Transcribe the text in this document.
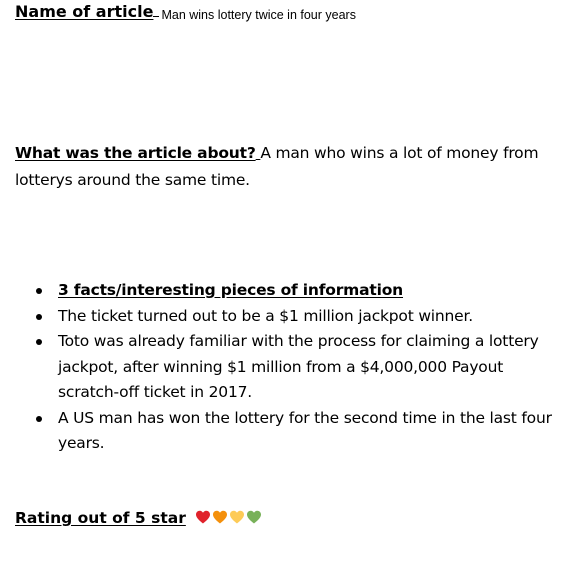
Name of article Man wins lottery twice in four years
What was the article about? A man who wins a lot of money from lotterys around the same time.
3 facts/interesting pieces of information
The ticket turned out to be a $1 million jackpot winner.
Toto was already familiar with the process for claiming a lottery jackpot, after winning $1 million from a $4,000,000 Payout scratch-off ticket in 2017.
A US man has won the lottery for the second time in the last four years.
Rating out of 5 star
